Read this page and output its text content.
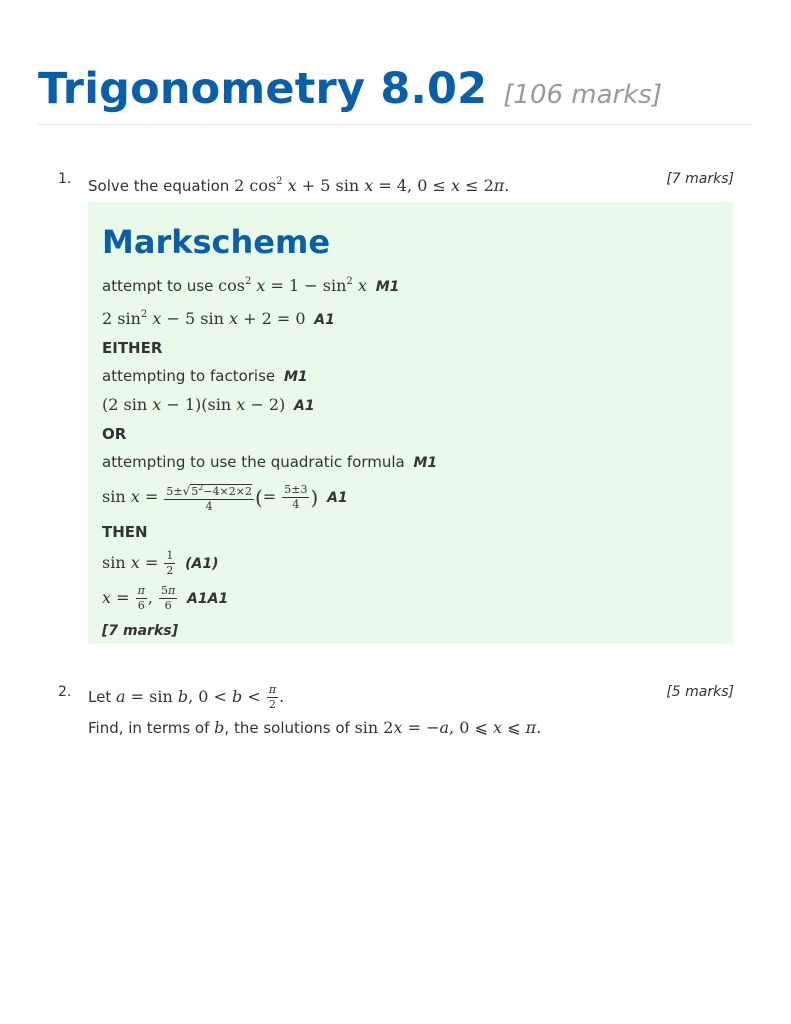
Trigonometry 8.02 [106 marks]
1. Solve the equation 2 $\cos^2 x + 5$ sin x = 4, 0 ≤ x ≤ 2π.	[7 marks]
Markscheme
attempt to use $\cos^2 x = 1 - \sin^2 x$ M1
2 $\sin^2 x - 5$ sin x + 2 = 0 A1
EITHER
attempting to factorise M1
(2 sin x − 1)(sin x − 2) A1
OR
attempting to use the quadratic formula M1
$\sin x = \frac{5\pm√5^2-4\times 2\times 2}{4}$ (= $\frac{5\pm 3}{4}$ ) A1
THEN
$\sin x = \frac{1}{2} (A1)$
$x = \frac{\pi}{6}$ , $\frac{5\pi}{6} A1A1$
[7 marks]
2. Let a = sin b, $0 < b < \frac{\pi}{2}$ .
Find, in terms of b, the solutions of sin 2x = −a, 0 ⩽ x ⩽ π.
[5 marks]
